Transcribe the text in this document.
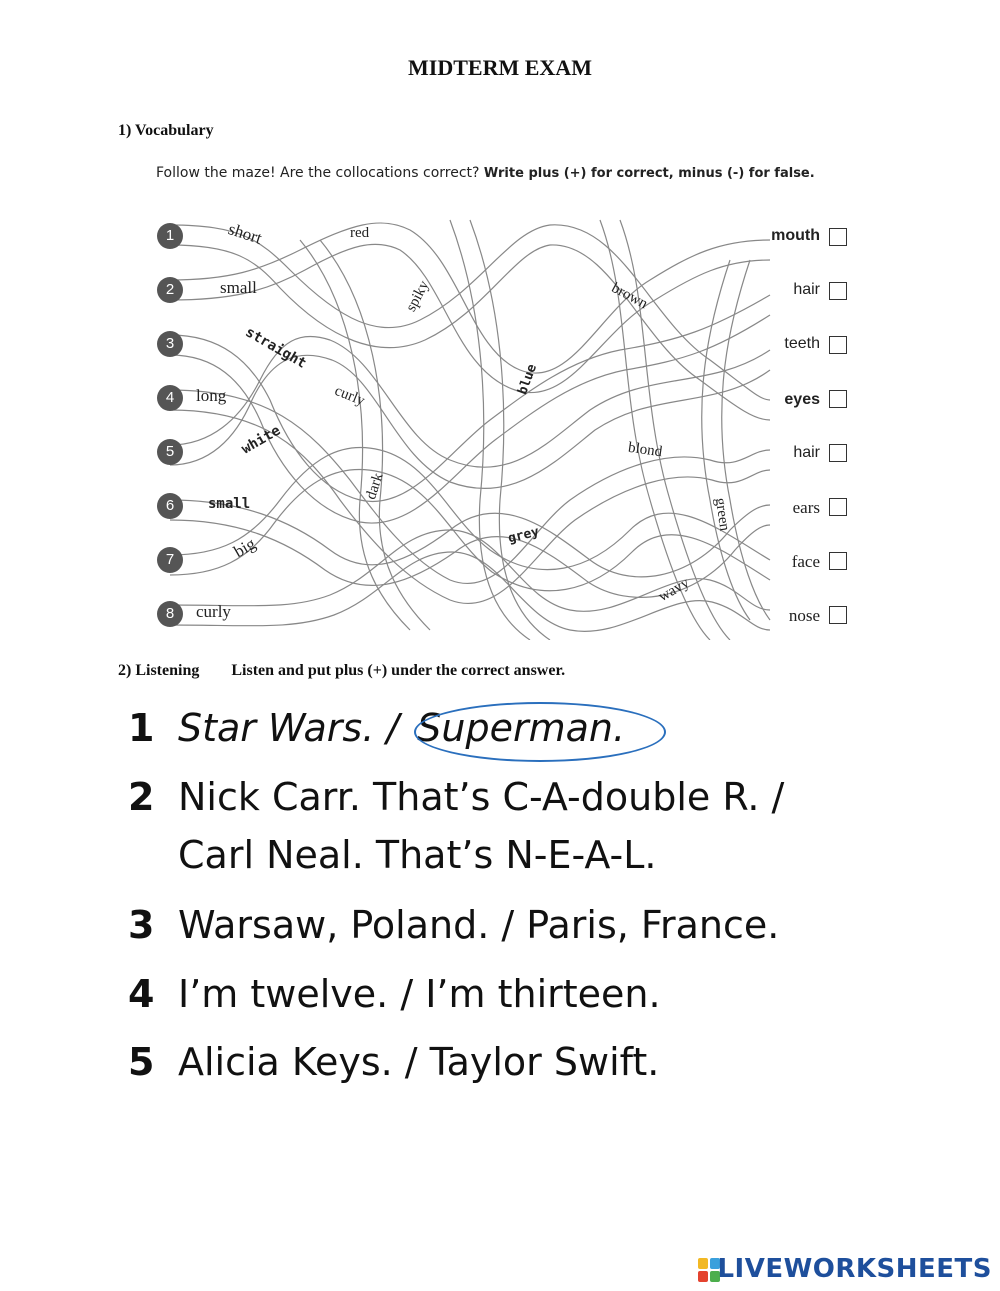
MIDTERM EXAM
1) Vocabulary
Follow the maze! Are the collocations correct? Write plus (+) for correct, minus (-) for false.
1
2
3
4
5
6
7
8
short
small
straight
long
white
small
big
curly
red
spiky	brown
curly	blue
blond
dark
grey
green
wavy
mouth
hair
teeth
eyes
hair
ears
face
nose
2) Listening Listen and put plus (+) under the correct answer.
1 Star Wars. / Superman.
2 Nick Carr. That’s C-A-double R. /
Carl Neal. That’s N-E-A-L.
3 Warsaw, Poland. / Paris, France.
4 I’m twelve. / I’m thirteen.
5 Alicia Keys. / Taylor Swift.
LIVEWORKSHEETS
